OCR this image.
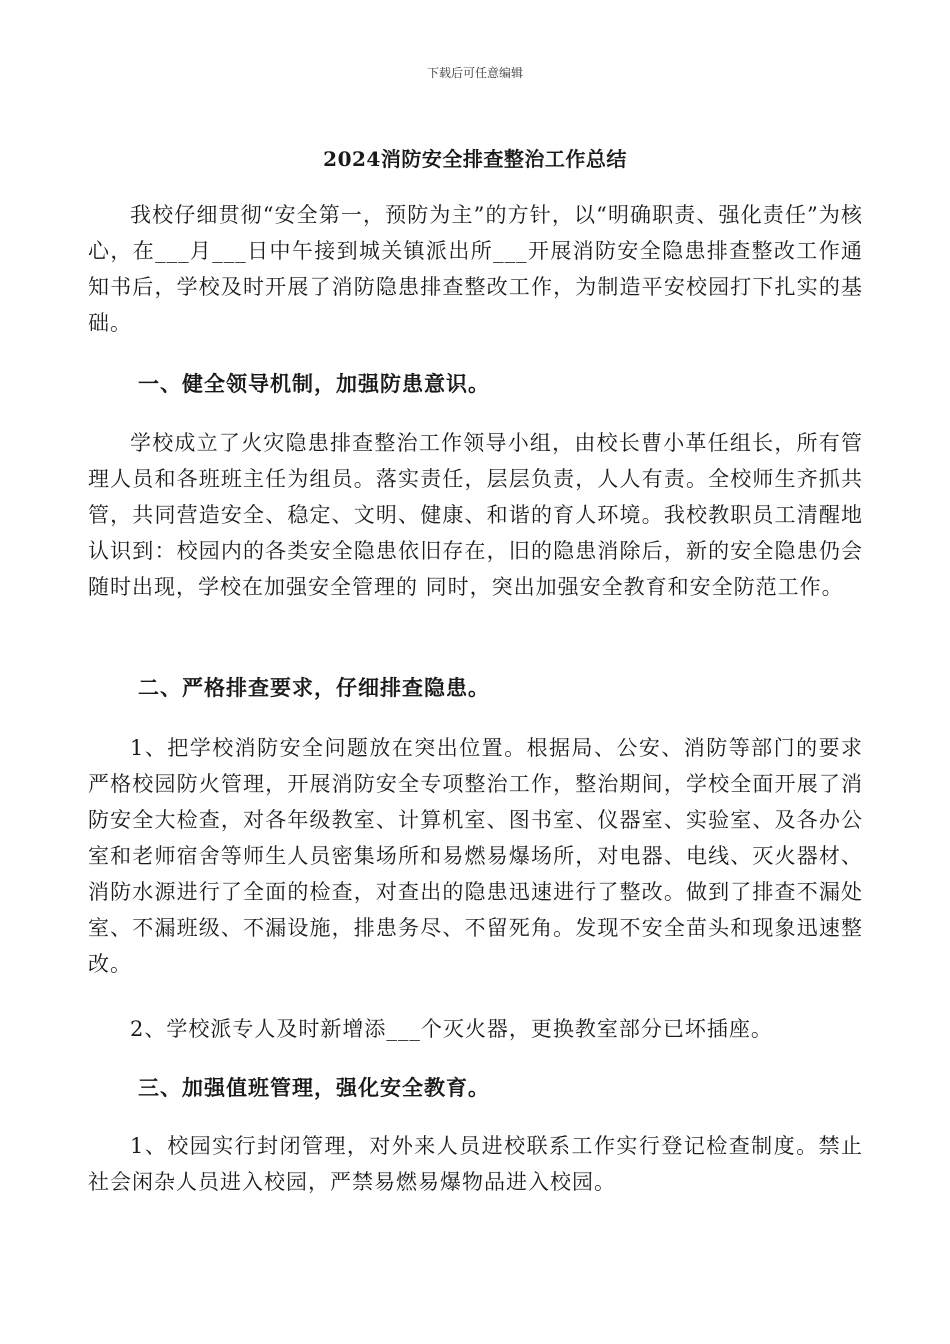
下载后可任意编辑
2024消防安全排查整治工作总结

我校仔细贯彻“安全第一，预防为主”的方针，以“明确职责、强化责任”为核心，在___月___日中午接到城关镇派出所___开展消防安全隐患排查整改工作通知书后，学校及时开展了消防隐患排查整改工作，为制造平安校园打下扎实的基础。

一、健全领导机制，加强防患意识。

学校成立了火灾隐患排查整治工作领导小组，由校长曹小革任组长，所有管理人员和各班班主任为组员。落实责任，层层负责，人人有责。全校师生齐抓共管，共同营造安全、稳定、文明、健康、和谐的育人环境。我校教职员工清醒地认识到：校园内的各类安全隐患依旧存在，旧的隐患消除后，新的安全隐患仍会随时出现，学校在加强安全管理的 同时，突出加强安全教育和安全防范工作。

二、严格排查要求，仔细排查隐患。

1、把学校消防安全问题放在突出位置。根据局、公安、消防等部门的要求严格校园防火管理，开展消防安全专项整治工作，整治期间，学校全面开展了消防安全大检查，对各年级教室、计算机室、图书室、仪器室、实验室、及各办公室和老师宿舍等师生人员密集场所和易燃易爆场所，对电器、电线、灭火器材、消防水源进行了全面的检查，对查出的隐患迅速进行了整改。做到了排查不漏处室、不漏班级、不漏设施，排患务尽、不留死角。发现不安全苗头和现象迅速整改。

2、学校派专人及时新增添___个灭火器，更换教室部分已坏插座。

三、加强值班管理，强化安全教育。

1、校园实行封闭管理，对外来人员进校联系工作实行登记检查制度。禁止社会闲杂人员进入校园，严禁易燃易爆物品进入校园。
